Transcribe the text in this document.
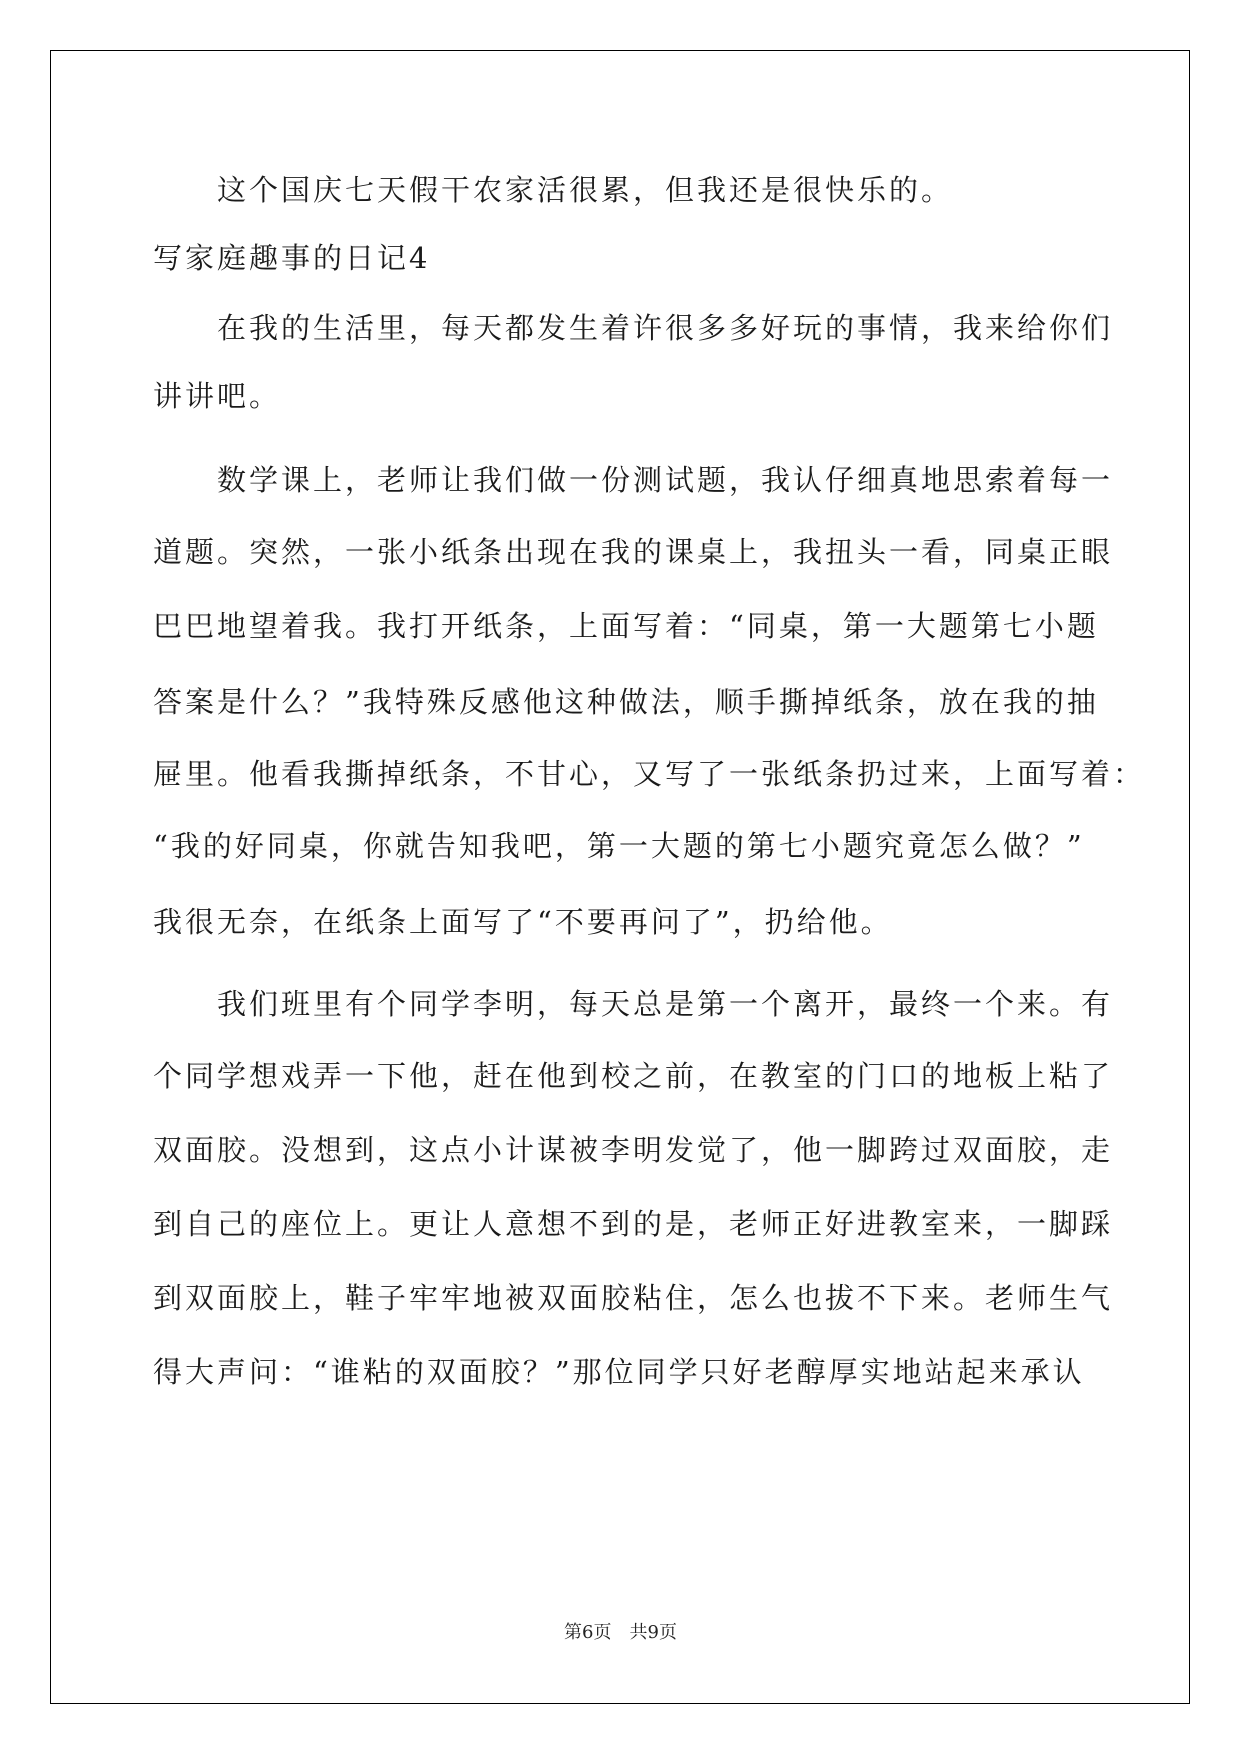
　　这个国庆七天假干农家活很累，但我还是很快乐的。
写家庭趣事的日记4
　　在我的生活里，每天都发生着许很多多好玩的事情，我来给你们
讲讲吧。
　　数学课上，老师让我们做一份测试题，我认仔细真地思索着每一
道题。突然，一张小纸条出现在我的课桌上，我扭头一看，同桌正眼
巴巴地望着我。我打开纸条，上面写着：“同桌，第一大题第七小题
答案是什么？”我特殊反感他这种做法，顺手撕掉纸条，放在我的抽
屉里。他看我撕掉纸条，不甘心，又写了一张纸条扔过来，上面写着：
“我的好同桌，你就告知我吧，第一大题的第七小题究竟怎么做？”
我很无奈，在纸条上面写了“不要再问了”，扔给他。
　　我们班里有个同学李明，每天总是第一个离开，最终一个来。有
个同学想戏弄一下他，赶在他到校之前，在教室的门口的地板上粘了
双面胶。没想到，这点小计谋被李明发觉了，他一脚跨过双面胶，走
到自己的座位上。更让人意想不到的是，老师正好进教室来，一脚踩
到双面胶上，鞋子牢牢地被双面胶粘住，怎么也拔不下来。老师生气
得大声问：“谁粘的双面胶？”那位同学只好老醇厚实地站起来承认
第6页 共9页
